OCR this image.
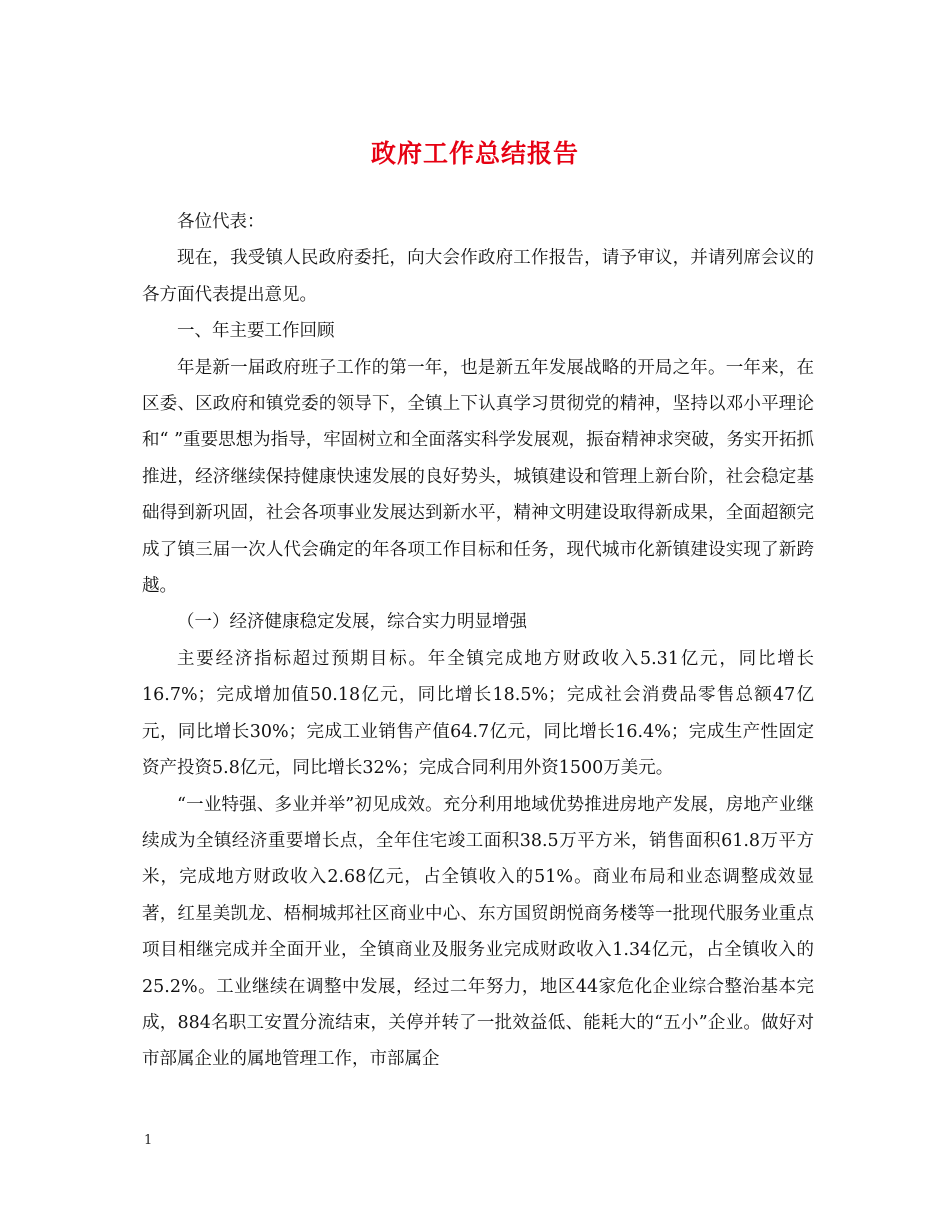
政府工作总结报告

各位代表：

现在，我受镇人民政府委托，向大会作政府工作报告，请予审议，并请列席会议的各方面代表提出意见。

一、年主要工作回顾

年是新一届政府班子工作的第一年，也是新五年发展战略的开局之年。一年来，在区委、区政府和镇党委的领导下，全镇上下认真学习贯彻党的精神，坚持以邓小平理论和“ ”重要思想为指导，牢固树立和全面落实科学发展观，振奋精神求突破，务实开拓抓推进，经济继续保持健康快速发展的良好势头，城镇建设和管理上新台阶，社会稳定基础得到新巩固，社会各项事业发展达到新水平，精神文明建设取得新成果，全面超额完成了镇三届一次人代会确定的年各项工作目标和任务，现代城市化新镇建设实现了新跨越。

（一）经济健康稳定发展，综合实力明显增强

主要经济指标超过预期目标。年全镇完成地方财政收入5.31亿元，同比增长16.7%；完成增加值50.18亿元，同比增长18.5%；完成社会消费品零售总额47亿元，同比增长30%；完成工业销售产值64.7亿元，同比增长16.4%；完成生产性固定资产投资5.8亿元，同比增长32%；完成合同利用外资1500万美元。

“一业特强、多业并举”初见成效。充分利用地域优势推进房地产发展，房地产业继续成为全镇经济重要增长点，全年住宅竣工面积38.5万平方米，销售面积61.8万平方米，完成地方财政收入2.68亿元，占全镇收入的51%。商业布局和业态调整成效显著，红星美凯龙、梧桐城邦社区商业中心、东方国贸朗悦商务楼等一批现代服务业重点项目相继完成并全面开业，全镇商业及服务业完成财政收入1.34亿元，占全镇收入的25.2%。工业继续在调整中发展，经过二年努力，地区44家危化企业综合整治基本完成，884名职工安置分流结束，关停并转了一批效益低、能耗大的“五小”企业。做好对市部属企业的属地管理工作，市部属企

1
